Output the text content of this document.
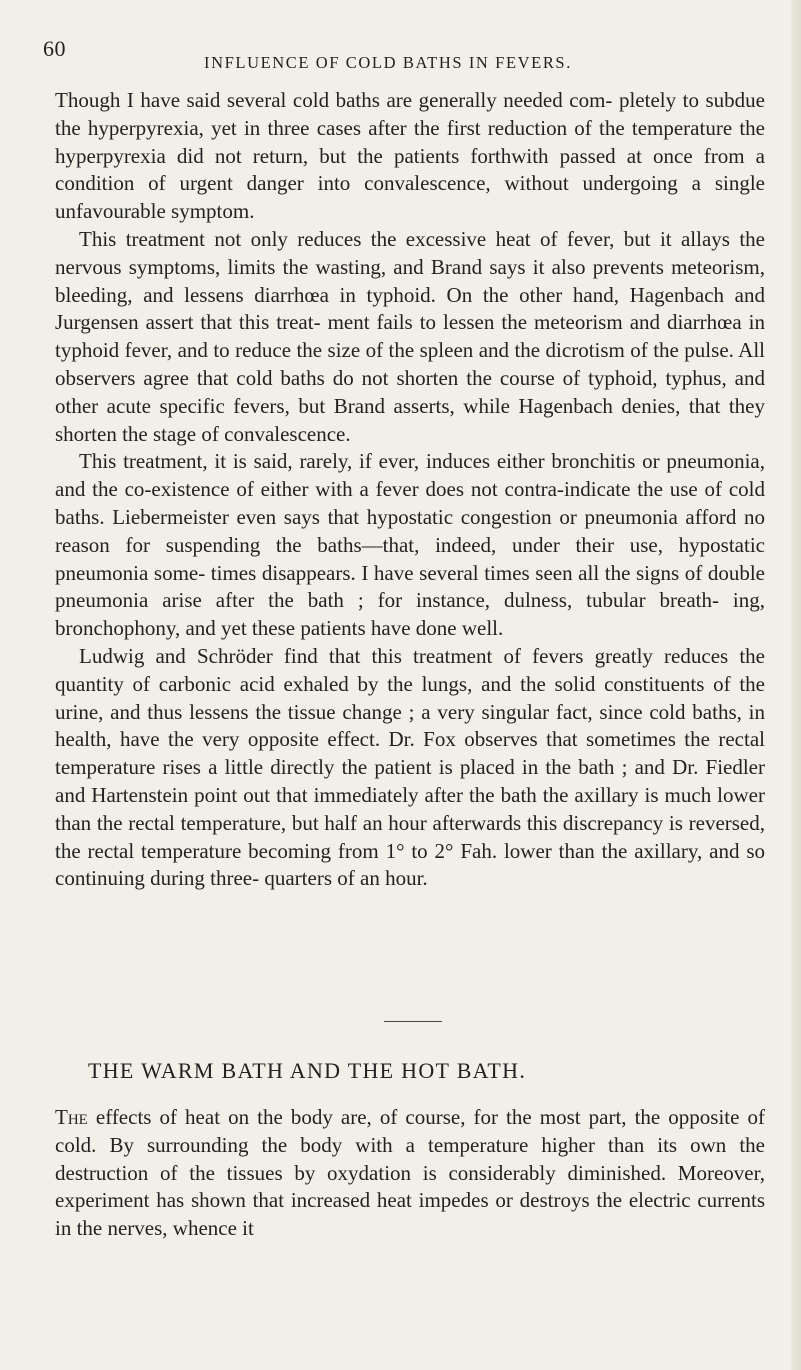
60
INFLUENCE OF COLD BATHS IN FEVERS.

Though I have said several cold baths are generally needed com- pletely to subdue the hyperpyrexia, yet in three cases after the first reduction of the temperature the hyperpyrexia did not return, but the patients forthwith passed at once from a condition of urgent danger into convalescence, without undergoing a single unfavourable symptom.

This treatment not only reduces the excessive heat of fever, but it allays the nervous symptoms, limits the wasting, and Brand says it also prevents meteorism, bleeding, and lessens diarrhœa in typhoid. On the other hand, Hagenbach and Jurgensen assert that this treat- ment fails to lessen the meteorism and diarrhœa in typhoid fever, and to reduce the size of the spleen and the dicrotism of the pulse. All observers agree that cold baths do not shorten the course of typhoid, typhus, and other acute specific fevers, but Brand asserts, while Hagenbach denies, that they shorten the stage of convalescence.

This treatment, it is said, rarely, if ever, induces either bronchitis or pneumonia, and the co-existence of either with a fever does not contra-indicate the use of cold baths. Liebermeister even says that hypostatic congestion or pneumonia afford no reason for suspending the baths—that, indeed, under their use, hypostatic pneumonia some- times disappears. I have several times seen all the signs of double pneumonia arise after the bath ; for instance, dulness, tubular breath- ing, bronchophony, and yet these patients have done well.

Ludwig and Schröder find that this treatment of fevers greatly reduces the quantity of carbonic acid exhaled by the lungs, and the solid constituents of the urine, and thus lessens the tissue change ; a very singular fact, since cold baths, in health, have the very opposite effect. Dr. Fox observes that sometimes the rectal temperature rises a little directly the patient is placed in the bath ; and Dr. Fiedler and Hartenstein point out that immediately after the bath the axillary is much lower than the rectal temperature, but half an hour afterwards this discrepancy is reversed, the rectal temperature becoming from 1° to 2° Fah. lower than the axillary, and so continuing during three- quarters of an hour.

THE WARM BATH AND THE HOT BATH.

The effects of heat on the body are, of course, for the most part, the opposite of cold. By surrounding the body with a temperature higher than its own the destruction of the tissues by oxydation is considerably diminished. Moreover, experiment has shown that increased heat impedes or destroys the electric currents in the nerves, whence it
